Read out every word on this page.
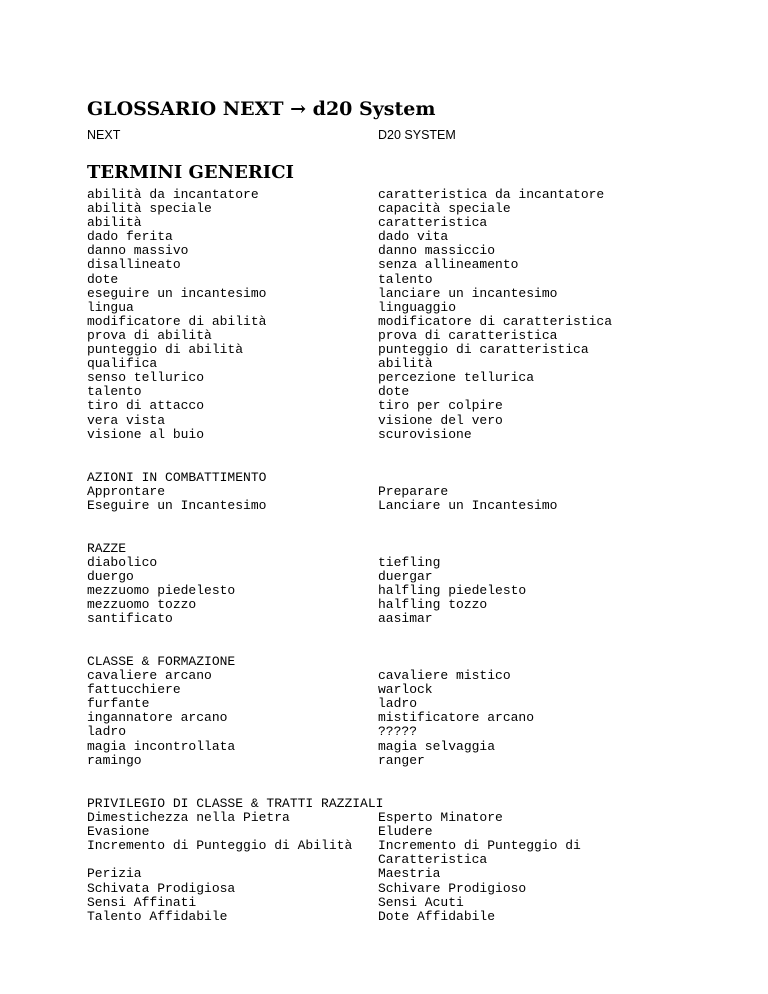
GLOSSARIO NEXT → d20 System
NEXT	D20 SYSTEM
TERMINI GENERICI
abilità da incantatore	caratteristica da incantatore
abilità speciale	capacità speciale
abilità	caratteristica
dado ferita	dado vita
danno massivo	danno massiccio
disallineato	senza allineamento
dote	talento
eseguire un incantesimo	lanciare un incantesimo
lingua	linguaggio
modificatore di abilità	modificatore di caratteristica
prova di abilità	prova di caratteristica
punteggio di abilità	punteggio di caratteristica
qualifica	abilità
senso tellurico	percezione tellurica
talento	dote
tiro di attacco	tiro per colpire
vera vista	visione del vero
visione al buio	scurovisione
AZIONI IN COMBATTIMENTO
Approntare	Preparare
Eseguire un Incantesimo	Lanciare un Incantesimo
RAZZE
diabolico	tiefling
duergo	duergar
mezzuomo piedelesto	halfling piedelesto
mezzuomo tozzo	halfling tozzo
santificato	aasimar
CLASSE & FORMAZIONE
cavaliere arcano	cavaliere mistico
fattucchiere	warlock
furfante	ladro
ingannatore arcano	mistificatore arcano
ladro	?????
magia incontrollata	magia selvaggia
ramingo	ranger
PRIVILEGIO DI CLASSE & TRATTI RAZZIALI
Dimestichezza nella Pietra	Esperto Minatore
Evasione	Eludere
Incremento di Punteggio di Abilità	Incremento di Punteggio di
Caratteristica
Perizia	Maestria
Schivata Prodigiosa	Schivare Prodigioso
Sensi Affinati	Sensi Acuti
Talento Affidabile	Dote Affidabile
